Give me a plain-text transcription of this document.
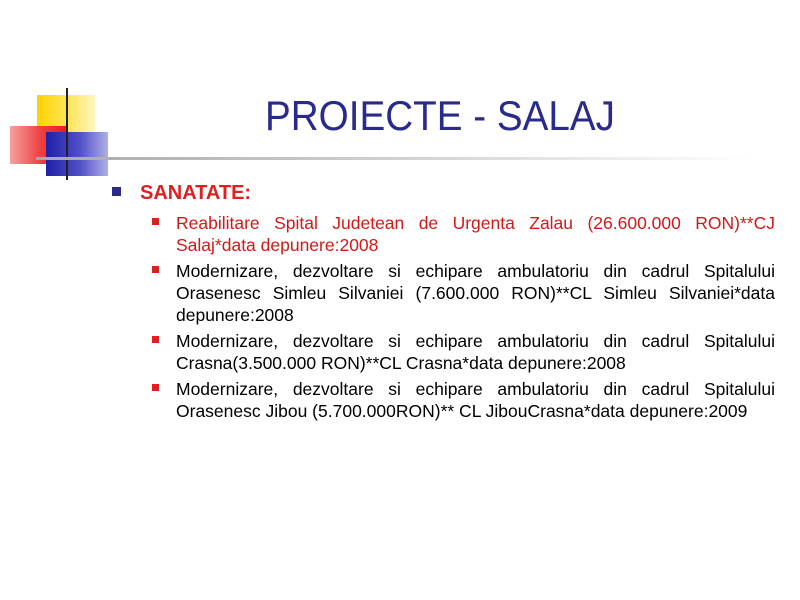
PROIECTE - SALAJ
SANATATE:
Reabilitare Spital Judetean de Urgenta Zalau (26.600.000 RON)**CJ Salaj*data depunere:2008
Modernizare, dezvoltare si echipare ambulatoriu din cadrul Spitalului Orasenesc Simleu Silvaniei (7.600.000 RON)**CL Simleu Silvaniei*data depunere:2008
Modernizare, dezvoltare si echipare ambulatoriu din cadrul Spitalului Crasna(3.500.000 RON)**CL Crasna*data depunere:2008
Modernizare, dezvoltare si echipare ambulatoriu din cadrul Spitalului Orasenesc Jibou (5.700.000RON)** CL JibouCrasna*data depunere:2009
